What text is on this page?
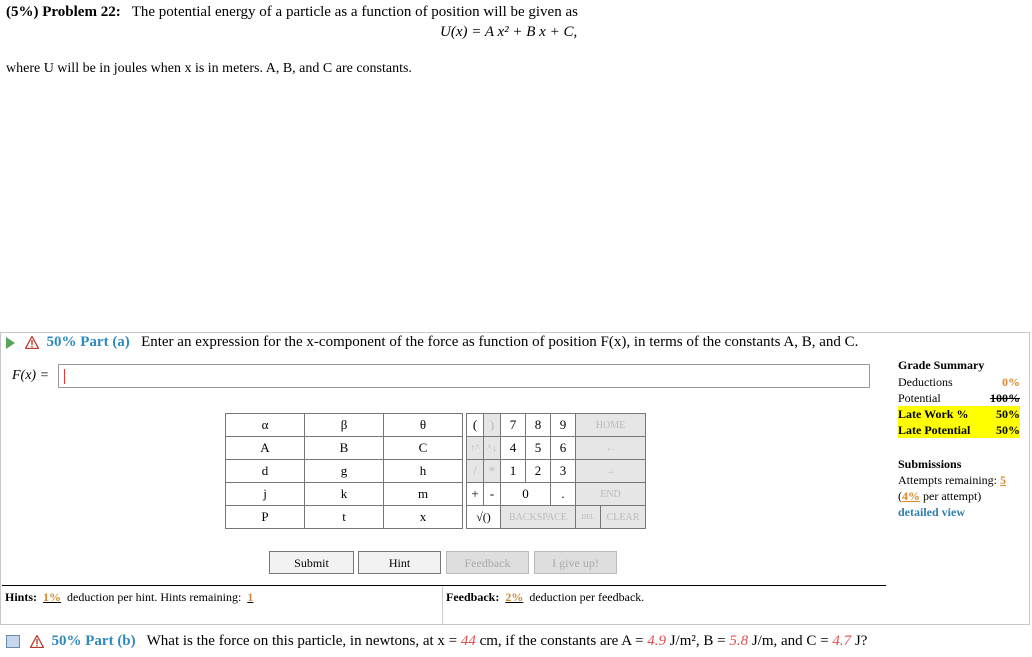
(5%) Problem 22: The potential energy of a particle as a function of position will be given as
U(x) = A x² + B x + C,
where U will be in joules when x is in meters. A, B, and C are constants.
50% Part (a) Enter an expression for the x-component of the force as function of position F(x), in terms of the constants A, B, and C.
F(x) =
α	β	θ
A	B	C
d	g	h
j	k	m
P	t	x
(	)	7	8	9	HOME	
↑^	^↓	4	5	6	←	
/	*	1	2	3	→	
+	-	0		.	END	
√()		BACKSPACE			DEL	CLEAR
Submit	Hint	Feedback	I give up!
Hints: 1% deduction per hint. Hints remaining: 1	Feedback: 2% deduction per feedback.
Grade Summary
Deductions	0%
Potential	100%
Late Work % 50%
Late Potential 50%
Submissions
Attempts remaining: 5
(4% per attempt)
detailed view
50% Part (b) What is the force on this particle, in newtons, at x = 44 cm, if the constants are A = 4.9 J/m², B = 5.8 J/m, and C = 4.7 J?
